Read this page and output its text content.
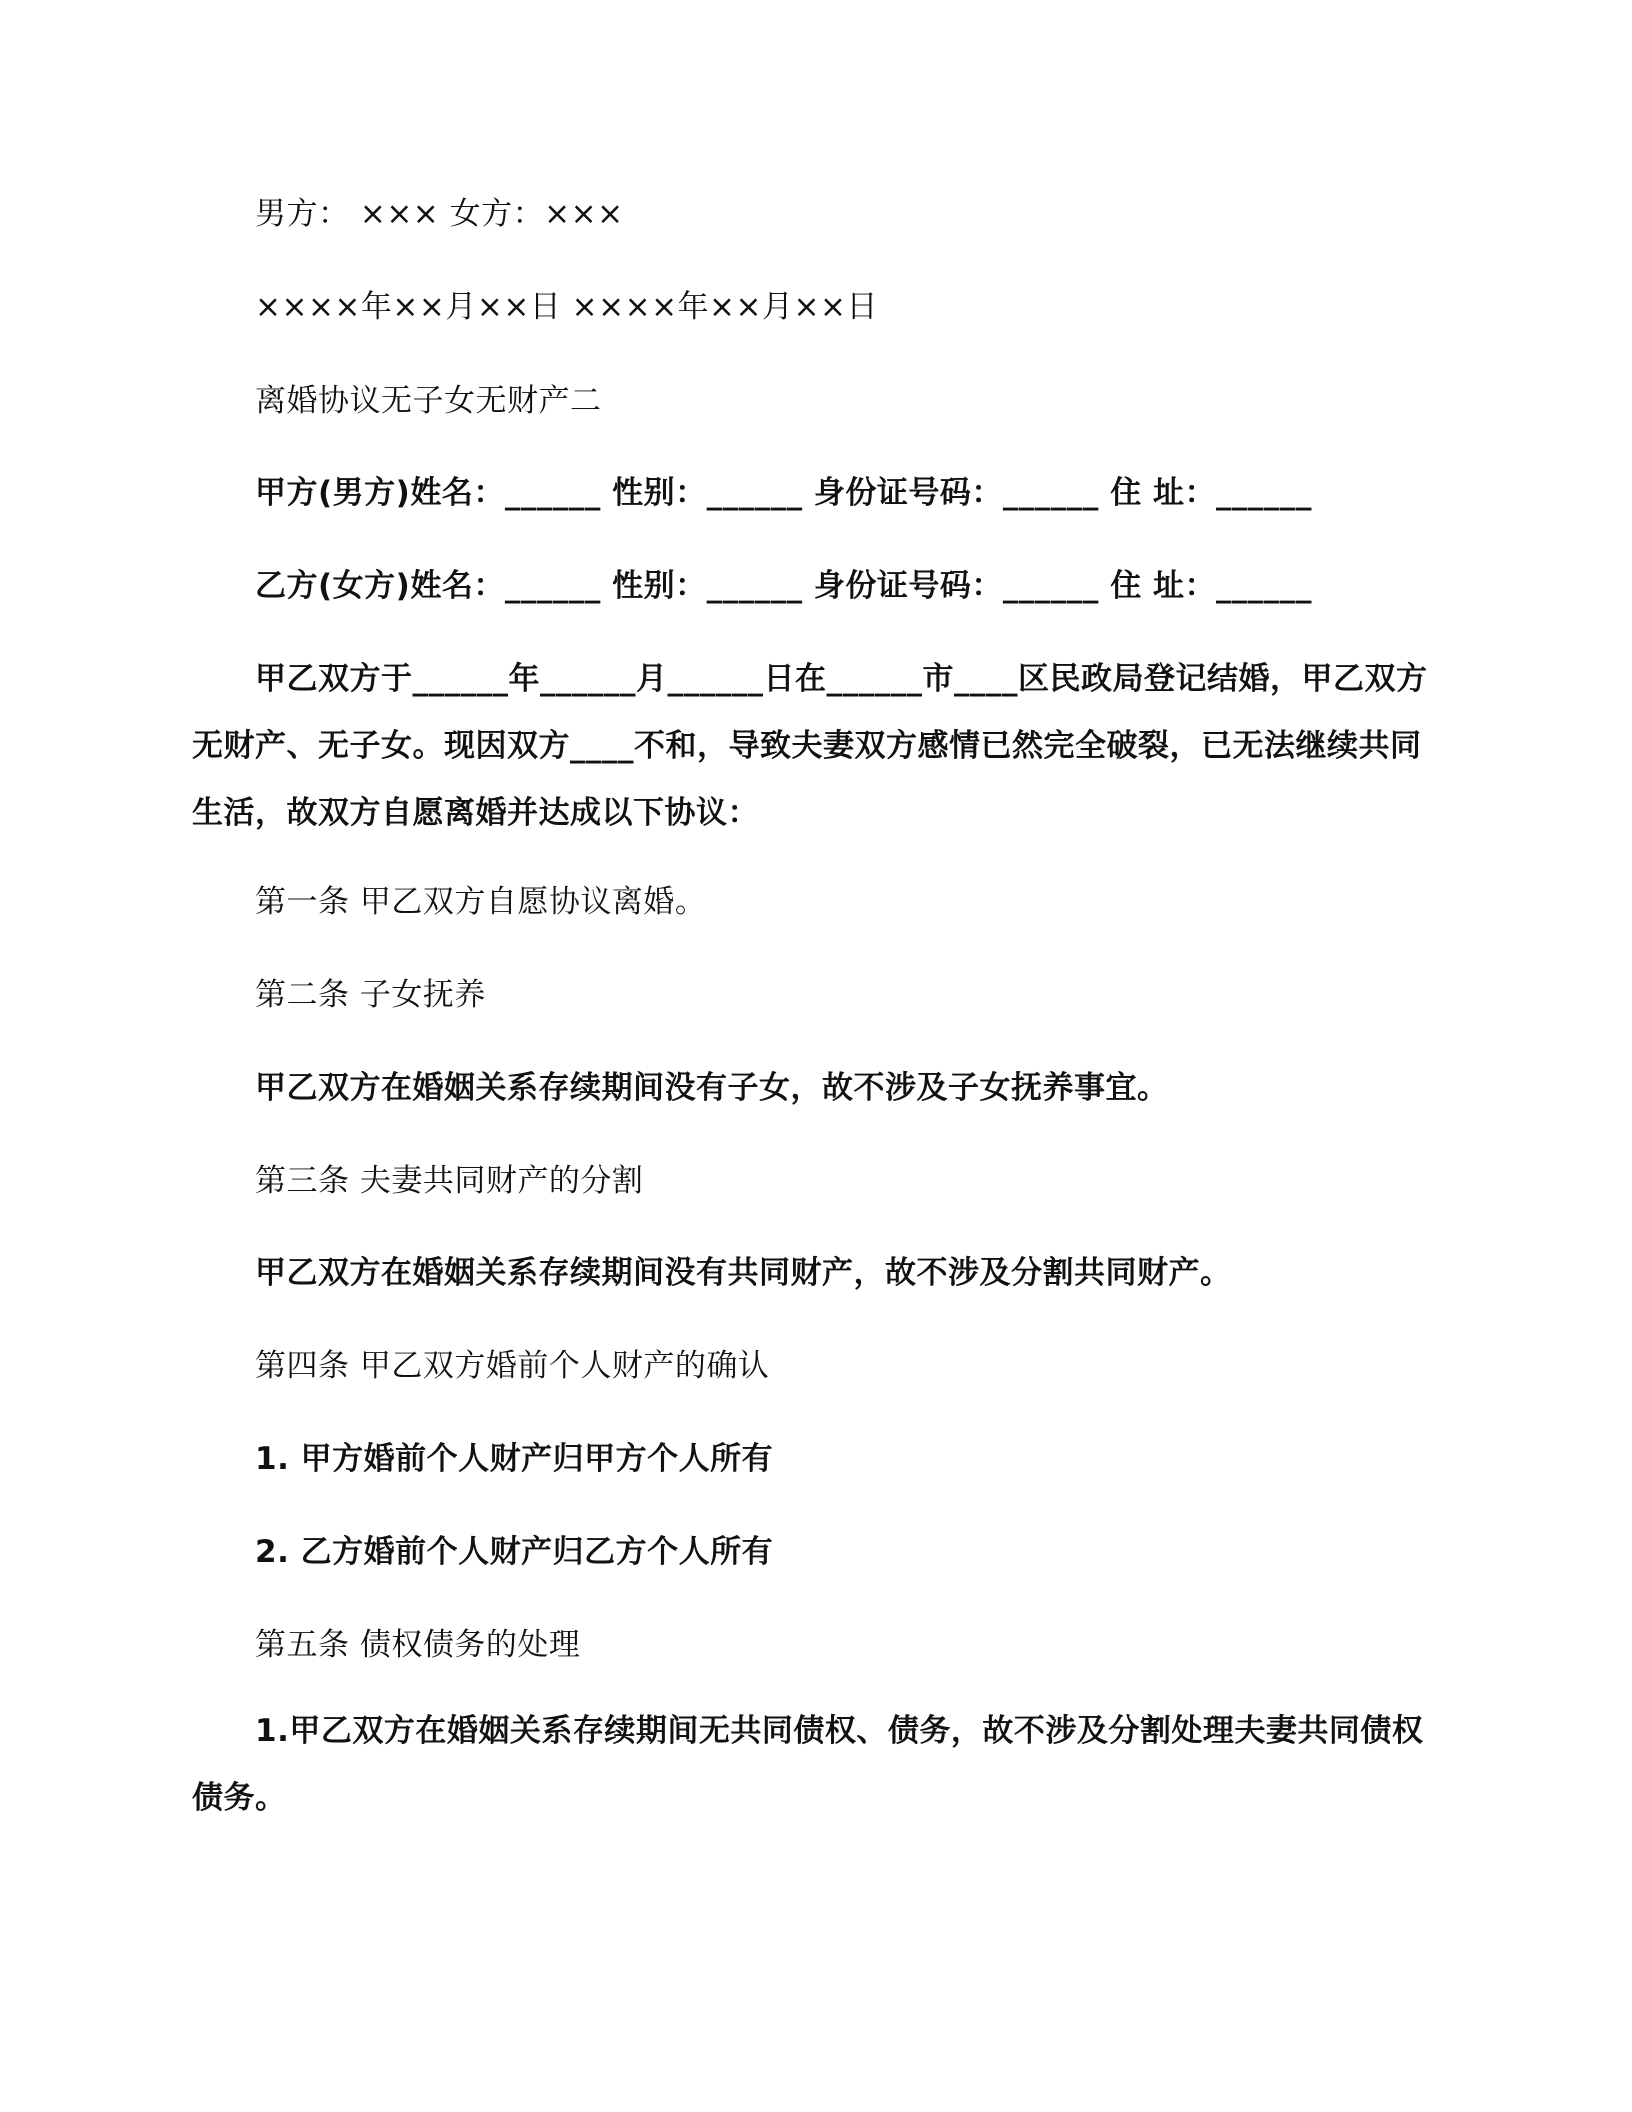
男方： ××× 女方：×××
××××年××月××日 ××××年××月××日
离婚协议无子女无财产二
甲方(男方)姓名：______ 性别：______ 身份证号码：______ 住 址：______
乙方(女方)姓名：______ 性别：______ 身份证号码：______ 住 址：______
甲乙双方于______年______月______日在______市____区民政局登记结婚，甲乙双方无财产、无子女。现因双方____不和，导致夫妻双方感情已然完全破裂，已无法继续共同生活，故双方自愿离婚并达成以下协议：
第一条 甲乙双方自愿协议离婚。
第二条 子女抚养
甲乙双方在婚姻关系存续期间没有子女，故不涉及子女抚养事宜。
第三条 夫妻共同财产的分割
甲乙双方在婚姻关系存续期间没有共同财产，故不涉及分割共同财产。
第四条 甲乙双方婚前个人财产的确认
1. 甲方婚前个人财产归甲方个人所有
2. 乙方婚前个人财产归乙方个人所有
第五条 债权债务的处理
1.甲乙双方在婚姻关系存续期间无共同债权、债务，故不涉及分割处理夫妻共同债权债务。
